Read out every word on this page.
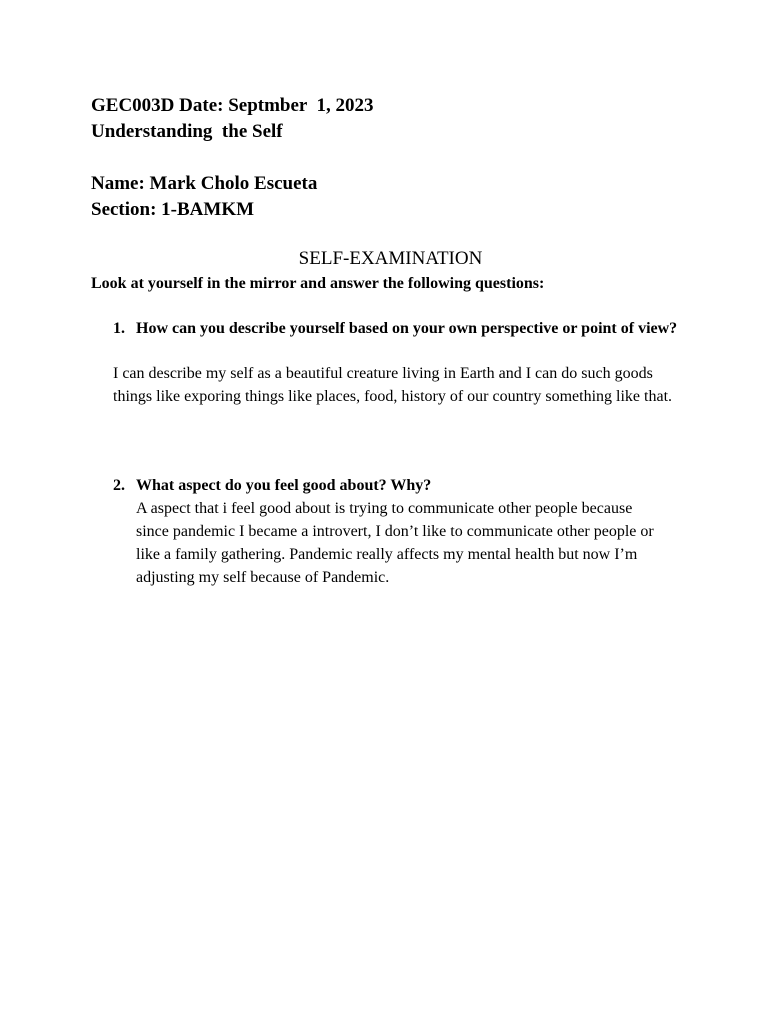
GEC003D Date: Septmber  1, 2023
Understanding  the Self
Name: Mark Cholo Escueta
Section: 1-BAMKM
SELF-EXAMINATION
Look at yourself in the mirror and answer the following questions:
1. How can you describe yourself based on your own perspective or point of view?
I can describe my self as a beautiful creature living in Earth and I can do such goods things like exporing things like places, food, history of our country something like that.
2. What aspect do you feel good about? Why?
A aspect that i feel good about is trying to communicate other people because since pandemic I became a introvert, I don’t like to communicate other people or like a family gathering. Pandemic really affects my mental health but now I’m adjusting my self because of Pandemic.
